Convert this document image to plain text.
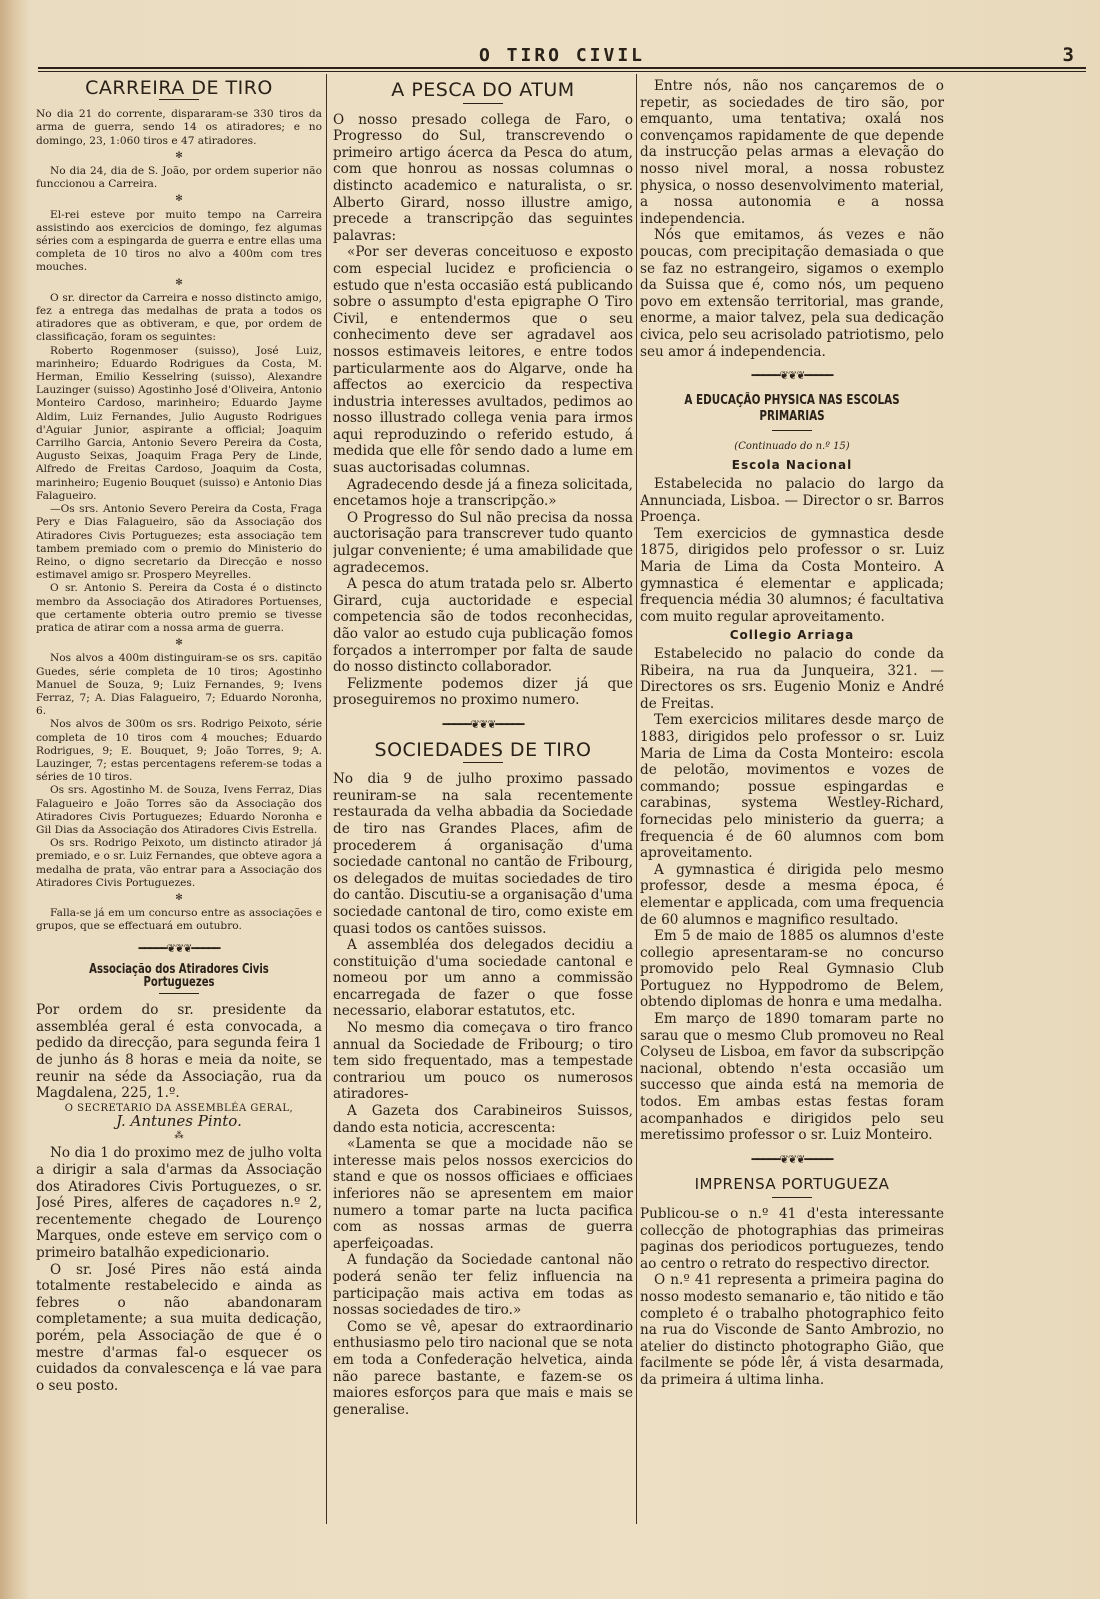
O TIRO CIVIL	3
CARREIRA DE TIRO

No dia 21 do corrente, dispararam-se 330 tiros da arma de guerra, sendo 14 os atiradores; e no domingo, 23, 1:060 tiros e 47 atiradores.

✻

No dia 24, dia de S. João, por ordem superior não funccionou a Carreira.

✻

El-rei esteve por muito tempo na Carreira assistindo aos exercicios de domingo, fez algumas séries com a espingarda de guerra e entre ellas uma completa de 10 tiros no alvo a 400m com tres mouches.

✻

O sr. director da Carreira e nosso distincto amigo, fez a entrega das medalhas de prata a todos os atiradores que as obtiveram, e que, por ordem de classificação, foram os seguintes:

Roberto Rogenmoser (suisso), José Luiz, marinheiro; Eduardo Rodrigues da Costa, M. Herman, Emilio Kesselring (suisso), Alexandre Lauzinger (suisso) Agostinho José d'Oliveira, Antonio Monteiro Cardoso, marinheiro; Eduardo Jayme Aldim, Luiz Fernandes, Julio Augusto Rodrigues d'Aguiar Junior, aspirante a official; Joaquim Carrilho Garcia, Antonio Severo Pereira da Costa, Augusto Seixas, Joaquim Fraga Pery de Linde, Alfredo de Freitas Cardoso, Joaquim da Costa, marinheiro; Eugenio Bouquet (suisso) e Antonio Dias Falagueiro.

—Os srs. Antonio Severo Pereira da Costa, Fraga Pery e Dias Falagueiro, são da Associação dos Atiradores Civis Portuguezes; esta associação tem tambem premiado com o premio do Ministerio do Reino, o digno secretario da Direcção e nosso estimavel amigo sr. Prospero Meyrelles.

O sr. Antonio S. Pereira da Costa é o distincto membro da Associação dos Atiradores Portuenses, que certamente obteria outro premio se tivesse pratica de atirar com a nossa arma de guerra.

✻

Nos alvos a 400m distinguiram-se os srs. capitão Guedes, série completa de 10 tiros; Agostinho Manuel de Souza, 9; Luiz Fernandes, 9; Ivens Ferraz, 7; A. Dias Falagueiro, 7; Eduardo Noronha, 6.

Nos alvos de 300m os srs. Rodrigo Peixoto, série completa de 10 tiros com 4 mouches; Eduardo Rodrigues, 9; E. Bouquet, 9; João Torres, 9; A. Lauzinger, 7; estas percentagens referem-se todas a séries de 10 tiros.

Os srs. Agostinho M. de Souza, Ivens Ferraz, Dias Falagueiro e João Torres são da Associação dos Atiradores Civis Portuguezes; Eduardo Noronha e Gil Dias da Associação dos Atiradores Civis Estrella.

Os srs. Rodrigo Peixoto, um distincto atirador já premiado, e o sr. Luiz Fernandes, que obteve agora a medalha de prata, vão entrar para a Associação dos Atiradores Civis Portuguezes.

✻

Falla-se já em um concurso entre as associações e grupos, que se effectuará em outubro.

━━━━━❦❦❦━━━━━
Associação dos Atiradores Civis Portuguezes

Por ordem do sr. presidente da assembléa geral é esta convocada, a pedido da direcção, para segunda feira 1 de junho ás 8 horas e meia da noite, se reunir na séde da Associação, rua da Magdalena, 225, 1.º.

O SECRETARIO DA ASSEMBLÉA GERAL,
J. Antunes Pinto.
⁂

No dia 1 do proximo mez de julho volta a dirigir a sala d'armas da Associação dos Atiradores Civis Portuguezes, o sr. José Pires, alferes de caçadores n.º 2, recentemente chegado de Lourenço Marques, onde esteve em serviço com o primeiro batalhão expedicionario.

O sr. José Pires não está ainda totalmente restabelecido e ainda as febres o não abandonaram completamente; a sua muita dedicação, porém, pela Associação de que é o mestre d'armas fal-o esquecer os cuidados da convalescença e lá vae para o seu posto.

A PESCA DO ATUM

O nosso presado collega de Faro, o Progresso do Sul, transcrevendo o primeiro artigo ácerca da Pesca do atum, com que honrou as nossas columnas o distincto academico e naturalista, o sr. Alberto Girard, nosso illustre amigo, precede a transcripção das seguintes palavras:

«Por ser deveras conceituoso e exposto com especial lucidez e proficiencia o estudo que n'esta occasião está publicando sobre o assumpto d'esta epigraphe O Tiro Civil, e entendermos que o seu conhecimento deve ser agradavel aos nossos estimaveis leitores, e entre todos particularmente aos do Algarve, onde ha affectos ao exercicio da respectiva industria interesses avultados, pedimos ao nosso illustrado collega venia para irmos aqui reproduzindo o referido estudo, á medida que elle fôr sendo dado a lume em suas auctorisadas columnas.

Agradecendo desde já a fineza solicitada, encetamos hoje a transcripção.»

O Progresso do Sul não precisa da nossa auctorisação para transcrever tudo quanto julgar conveniente; é uma amabilidade que agradecemos.

A pesca do atum tratada pelo sr. Alberto Girard, cuja auctoridade e especial competencia são de todos reconhecidas, dão valor ao estudo cuja publicação fomos forçados a interromper por falta de saude do nosso distincto collaborador.

Felizmente podemos dizer já que proseguiremos no proximo numero.

━━━━━❦❦❦━━━━━
SOCIEDADES DE TIRO

No dia 9 de julho proximo passado reuniram-se na sala recentemente restaurada da velha abbadia da Sociedade de tiro nas Grandes Places, afim de procederem á organisação d'uma sociedade cantonal no cantão de Fribourg, os delegados de muitas sociedades de tiro do cantão. Discutiu-se a organisação d'uma sociedade cantonal de tiro, como existe em quasi todos os cantões suissos.

A assembléa dos delegados decidiu a constituição d'uma sociedade cantonal e nomeou por um anno a commissão encarregada de fazer o que fosse necessario, elaborar estatutos, etc.

No mesmo dia começava o tiro franco annual da Sociedade de Fribourg; o tiro tem sido frequentado, mas a tempestade contrariou um pouco os numerosos atiradores-

A Gazeta dos Carabineiros Suissos, dando esta noticia, accrescenta:

«Lamenta se que a mocidade não se interesse mais pelos nossos exercicios do stand e que os nossos officiaes e officiaes inferiores não se apresentem em maior numero a tomar parte na lucta pacifica com as nossas armas de guerra aperfeiçoadas.

A fundação da Sociedade cantonal não poderá senão ter feliz influencia na participação mais activa em todas as nossas sociedades de tiro.»

Como se vê, apesar do extraordinario enthusiasmo pelo tiro nacional que se nota em toda a Confederação helvetica, ainda não parece bastante, e fazem-se os maiores esforços para que mais e mais se generalise.

Entre nós, não nos cançaremos de o repetir, as sociedades de tiro são, por emquanto, uma tentativa; oxalá nos convençamos rapidamente de que depende da instrucção pelas armas a elevação do nosso nivel moral, a nossa robustez physica, o nosso desenvolvimento material, a nossa autonomia e a nossa independencia.

Nós que emitamos, ás vezes e não poucas, com precipitação demasiada o que se faz no estrangeiro, sigamos o exemplo da Suissa que é, como nós, um pequeno povo em extensão territorial, mas grande, enorme, a maior talvez, pela sua dedicação civica, pelo seu acrisolado patriotismo, pelo seu amor á independencia.

━━━━━❦❦❦━━━━━
A EDUCAÇÃO PHYSICA NAS ESCOLAS PRIMARIAS
(Continuado do n.º 15)
Escola Nacional

Estabelecida no palacio do largo da Annunciada, Lisboa. — Director o sr. Barros Proença.

Tem exercicios de gymnastica desde 1875, dirigidos pelo professor o sr. Luiz Maria de Lima da Costa Monteiro. A gymnastica é elementar e applicada; frequencia média 30 alumnos; é facultativa com muito regular aproveitamento.

Collegio Arriaga

Estabelecido no palacio do conde da Ribeira, na rua da Junqueira, 321. — Directores os srs. Eugenio Moniz e André de Freitas.

Tem exercicios militares desde março de 1883, dirigidos pelo professor o sr. Luiz Maria de Lima da Costa Monteiro: escola de pelotão, movimentos e vozes de commando; possue espingardas e carabinas, systema Westley-Richard, fornecidas pelo ministerio da guerra; a frequencia é de 60 alumnos com bom aproveitamento.

A gymnastica é dirigida pelo mesmo professor, desde a mesma época, é elementar e applicada, com uma frequencia de 60 alumnos e magnifico resultado.

Em 5 de maio de 1885 os alumnos d'este collegio apresentaram-se no concurso promovido pelo Real Gymnasio Club Portuguez no Hyppodromo de Belem, obtendo diplomas de honra e uma medalha.

Em março de 1890 tomaram parte no sarau que o mesmo Club promoveu no Real Colyseu de Lisboa, em favor da subscripção nacional, obtendo n'esta occasião um successo que ainda está na memoria de todos. Em ambas estas festas foram acompanhados e dirigidos pelo seu meretissimo professor o sr. Luiz Monteiro.

━━━━━❦❦❦━━━━━
IMPRENSA PORTUGUEZA

Publicou-se o n.º 41 d'esta interessante collecção de photographias das primeiras paginas dos periodicos portuguezes, tendo ao centro o retrato do respectivo director.

O n.º 41 representa a primeira pagina do nosso modesto semanario e, tão nitido e tão completo é o trabalho photographico feito na rua do Visconde de Santo Ambrozio, no atelier do distincto photographo Gião, que facilmente se póde lêr, á vista desarmada, da primeira á ultima linha.
